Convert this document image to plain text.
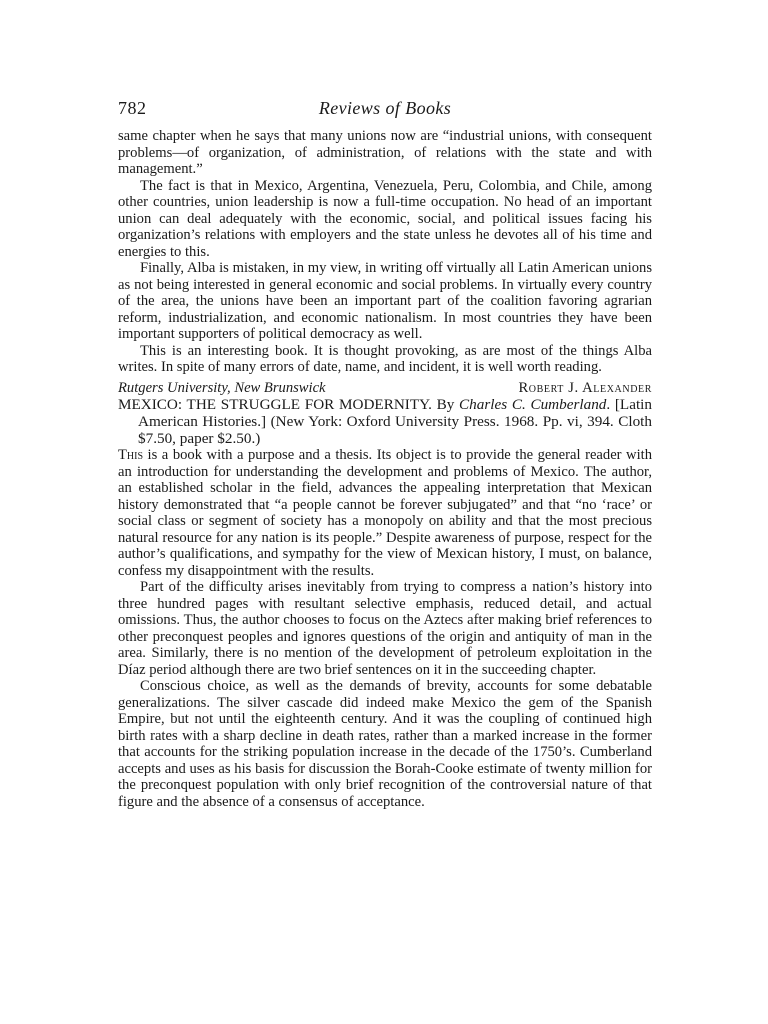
782	Reviews of Books

same chapter when he says that many unions now are “industrial unions, with consequent problems—of organization, of administration, of relations with the state and with management.”

The fact is that in Mexico, Argentina, Venezuela, Peru, Colombia, and Chile, among other countries, union leadership is now a full-time occupation. No head of an important union can deal adequately with the economic, social, and political issues facing his organization’s relations with employers and the state unless he devotes all of his time and energies to this.

Finally, Alba is mistaken, in my view, in writing off virtually all Latin American unions as not being interested in general economic and social problems. In virtually every country of the area, the unions have been an important part of the coalition favoring agrarian reform, industrialization, and economic nationalism. In most countries they have been important supporters of political democracy as well.

This is an interesting book. It is thought provoking, as are most of the things Alba writes. In spite of many errors of date, name, and incident, it is well worth reading.

Rutgers University, New Brunswick	Robert J. Alexander

MEXICO: THE STRUGGLE FOR MODERNITY. By Charles C. Cumberland. [Latin American Histories.] (New York: Oxford University Press. 1968. Pp. vi, 394. Cloth $7.50, paper $2.50.)

This is a book with a purpose and a thesis. Its object is to provide the general reader with an introduction for understanding the development and problems of Mexico. The author, an established scholar in the field, advances the appealing interpretation that Mexican history demonstrated that “a people cannot be forever subjugated” and that “no ‘race’ or social class or segment of society has a monopoly on ability and that the most precious natural resource for any nation is its people.” Despite awareness of purpose, respect for the author’s qualifications, and sympathy for the view of Mexican history, I must, on balance, confess my disappointment with the results.

Part of the difficulty arises inevitably from trying to compress a nation’s history into three hundred pages with resultant selective emphasis, reduced detail, and actual omissions. Thus, the author chooses to focus on the Aztecs after making brief references to other preconquest peoples and ignores questions of the origin and antiquity of man in the area. Similarly, there is no mention of the development of petroleum exploitation in the Díaz period although there are two brief sentences on it in the succeeding chapter.

Conscious choice, as well as the demands of brevity, accounts for some debatable generalizations. The silver cascade did indeed make Mexico the gem of the Spanish Empire, but not until the eighteenth century. And it was the coupling of continued high birth rates with a sharp decline in death rates, rather than a marked increase in the former that accounts for the striking population increase in the decade of the 1750’s. Cumberland accepts and uses as his basis for discussion the Borah-Cooke estimate of twenty million for the preconquest population with only brief recognition of the controversial nature of that figure and the absence of a consensus of acceptance.
